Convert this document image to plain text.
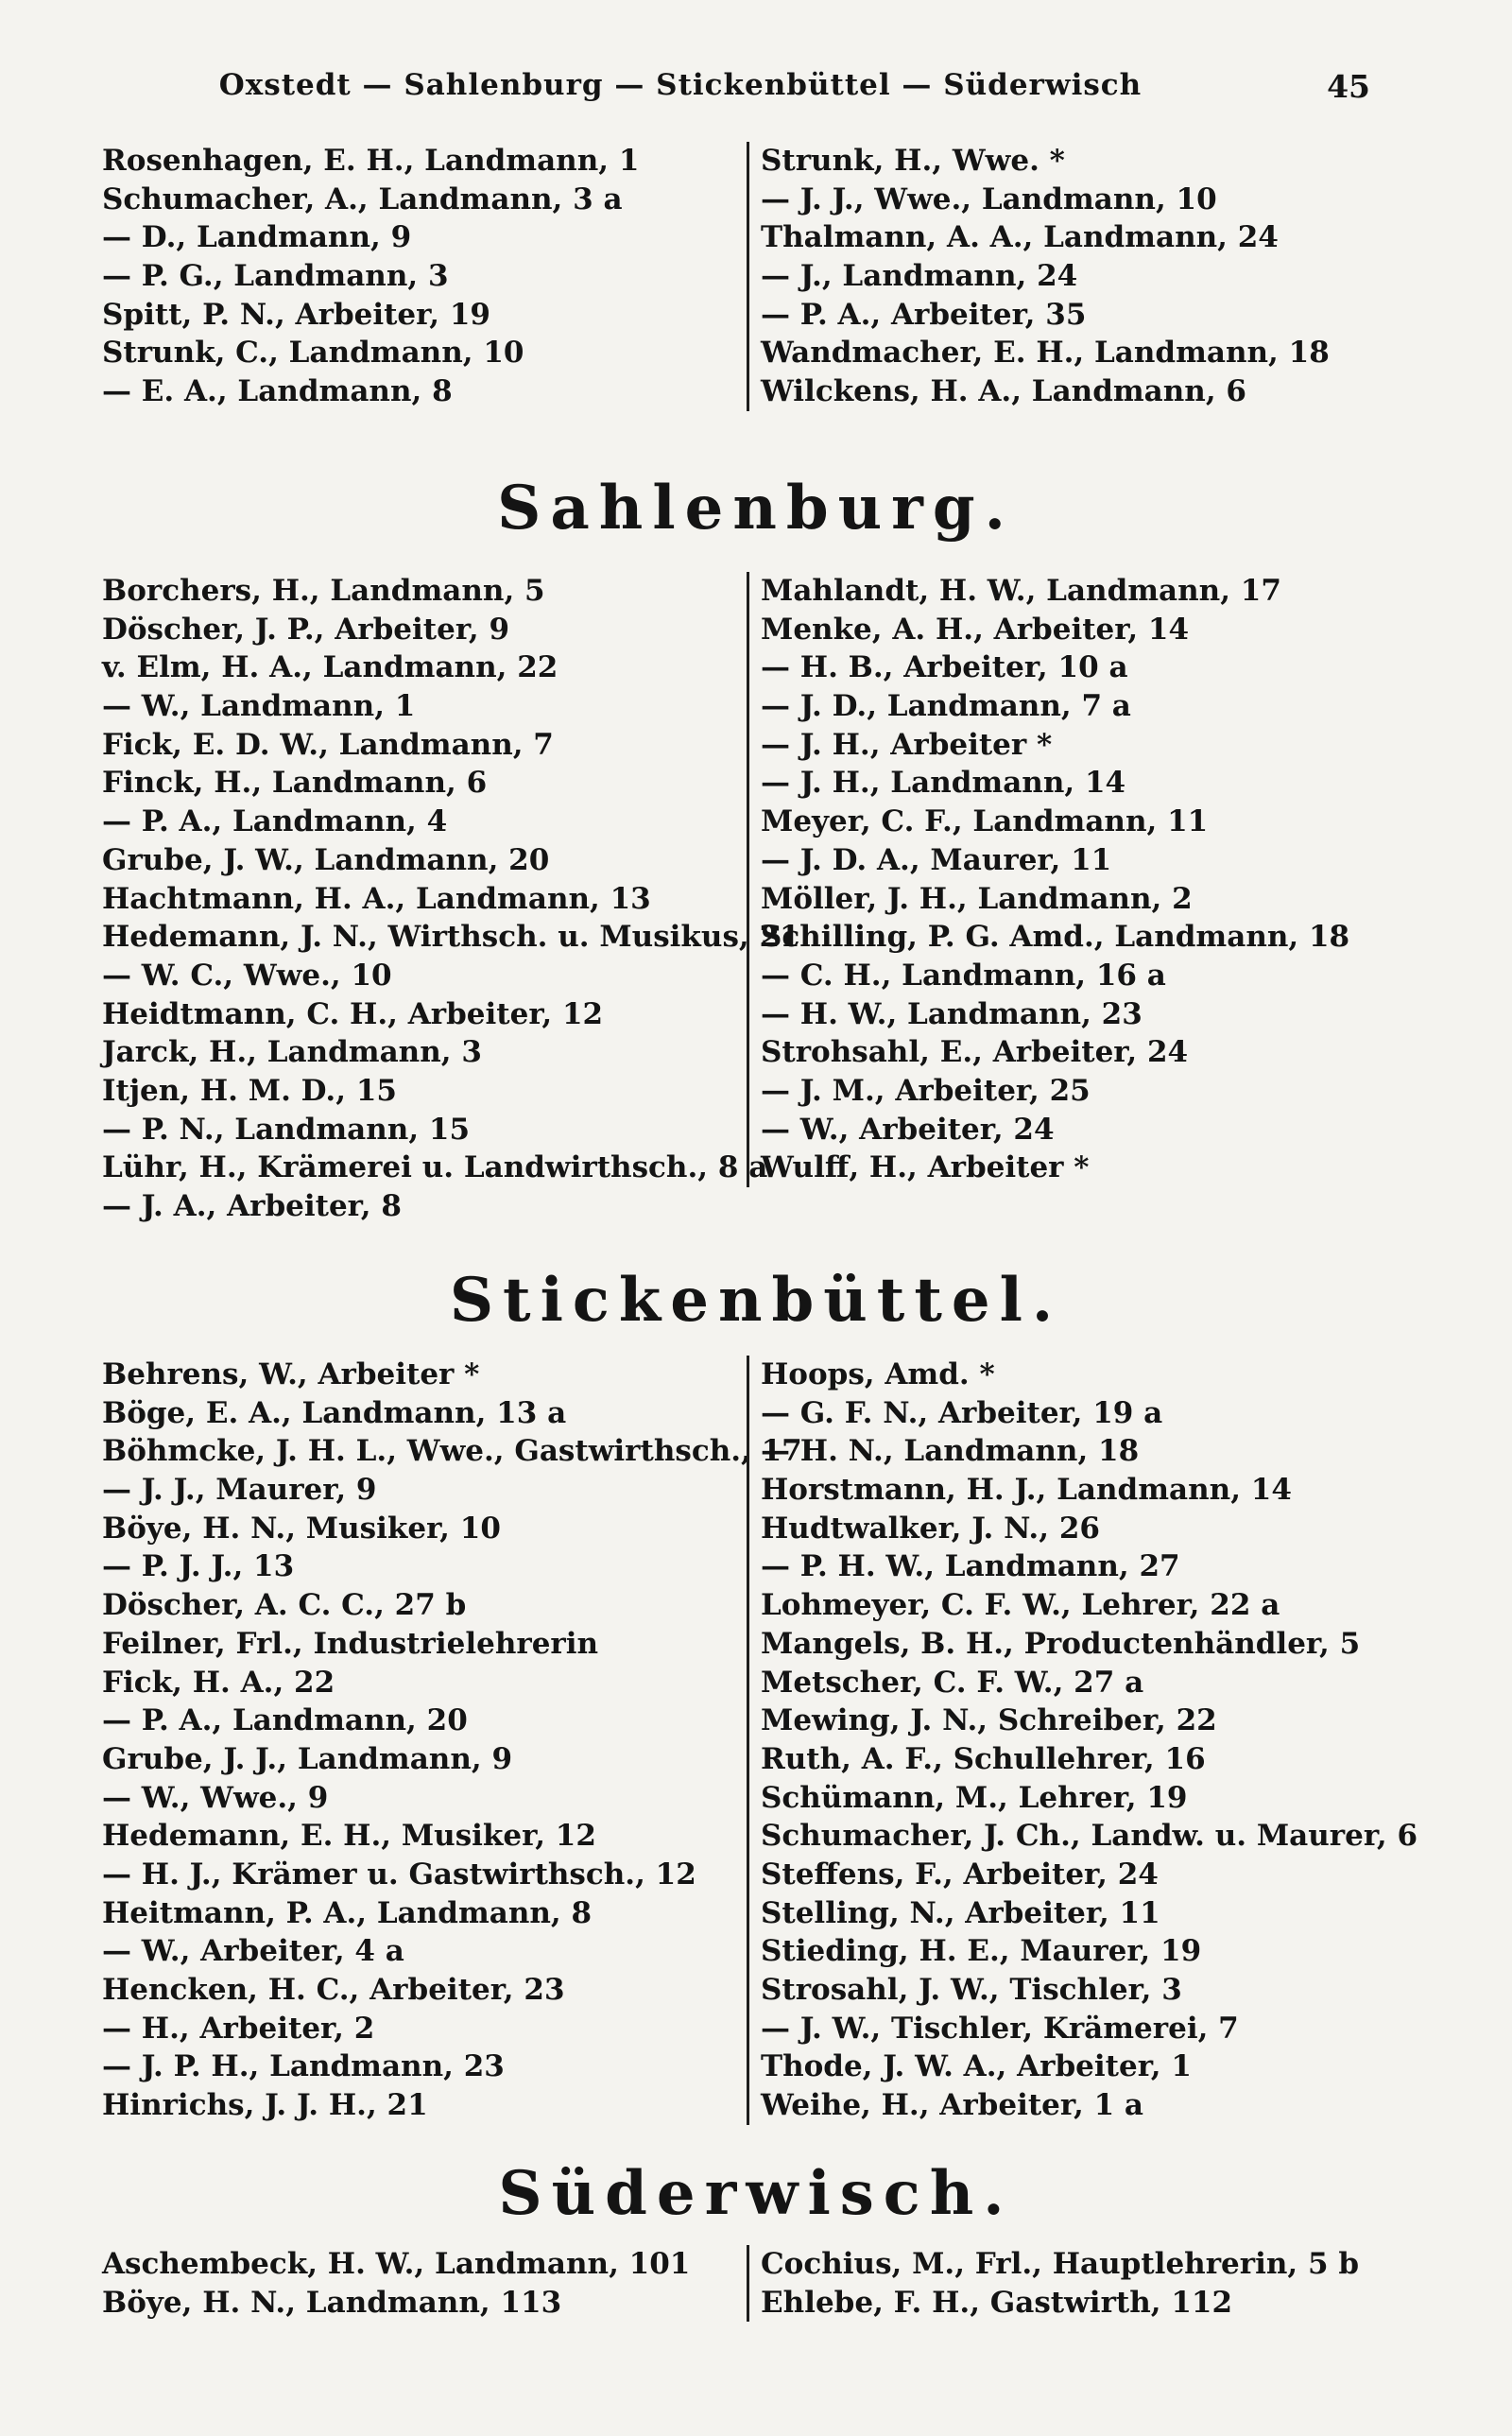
Oxstedt — Sahlenburg — Stickenbüttel — Süderwisch	45
Rosenhagen, E. H., Landmann, 1
Schumacher, A., Landmann, 3 a
— D., Landmann, 9
— P. G., Landmann, 3
Spitt, P. N., Arbeiter, 19
Strunk, C., Landmann, 10
— E. A., Landmann, 8
Strunk, H., Wwe. *
— J. J., Wwe., Landmann, 10
Thalmann, A. A., Landmann, 24
— J., Landmann, 24
— P. A., Arbeiter, 35
Wandmacher, E. H., Landmann, 18
Wilckens, H. A., Landmann, 6
Sahlenburg.
Borchers, H., Landmann, 5
Döscher, J. P., Arbeiter, 9
v. Elm, H. A., Landmann, 22
— W., Landmann, 1
Fick, E. D. W., Landmann, 7
Finck, H., Landmann, 6
— P. A., Landmann, 4
Grube, J. W., Landmann, 20
Hachtmann, H. A., Landmann, 13
Hedemann, J. N., Wirthsch. u. Musikus, 21
— W. C., Wwe., 10
Heidtmann, C. H., Arbeiter, 12
Jarck, H., Landmann, 3
Itjen, H. M. D., 15
— P. N., Landmann, 15
Lühr, H., Krämerei u. Landwirthsch., 8 a
— J. A., Arbeiter, 8
Mahlandt, H. W., Landmann, 17
Menke, A. H., Arbeiter, 14
— H. B., Arbeiter, 10 a
— J. D., Landmann, 7 a
— J. H., Arbeiter *
— J. H., Landmann, 14
Meyer, C. F., Landmann, 11
— J. D. A., Maurer, 11
Möller, J. H., Landmann, 2
Schilling, P. G. Amd., Landmann, 18
— C. H., Landmann, 16 a
— H. W., Landmann, 23
Strohsahl, E., Arbeiter, 24
— J. M., Arbeiter, 25
— W., Arbeiter, 24
Wulff, H., Arbeiter *
Stickenbüttel.
Behrens, W., Arbeiter *
Böge, E. A., Landmann, 13 a
Böhmcke, J. H. L., Wwe., Gastwirthsch., 17
— J. J., Maurer, 9
Böye, H. N., Musiker, 10
— P. J. J., 13
Döscher, A. C. C., 27 b
Feilner, Frl., Industrielehrerin
Fick, H. A., 22
— P. A., Landmann, 20
Grube, J. J., Landmann, 9
— W., Wwe., 9
Hedemann, E. H., Musiker, 12
— H. J., Krämer u. Gastwirthsch., 12
Heitmann, P. A., Landmann, 8
— W., Arbeiter, 4 a
Hencken, H. C., Arbeiter, 23
— H., Arbeiter, 2
— J. P. H., Landmann, 23
Hinrichs, J. J. H., 21
Hoops, Amd. *
— G. F. N., Arbeiter, 19 a
— H. N., Landmann, 18
Horstmann, H. J., Landmann, 14
Hudtwalker, J. N., 26
— P. H. W., Landmann, 27
Lohmeyer, C. F. W., Lehrer, 22 a
Mangels, B. H., Productenhändler, 5
Metscher, C. F. W., 27 a
Mewing, J. N., Schreiber, 22
Ruth, A. F., Schullehrer, 16
Schümann, M., Lehrer, 19
Schumacher, J. Ch., Landw. u. Maurer, 6
Steffens, F., Arbeiter, 24
Stelling, N., Arbeiter, 11
Stieding, H. E., Maurer, 19
Strosahl, J. W., Tischler, 3
— J. W., Tischler, Krämerei, 7
Thode, J. W. A., Arbeiter, 1
Weihe, H., Arbeiter, 1 a
Süderwisch.
Aschembeck, H. W., Landmann, 101
Böye, H. N., Landmann, 113
Cochius, M., Frl., Hauptlehrerin, 5 b
Ehlebe, F. H., Gastwirth, 112
